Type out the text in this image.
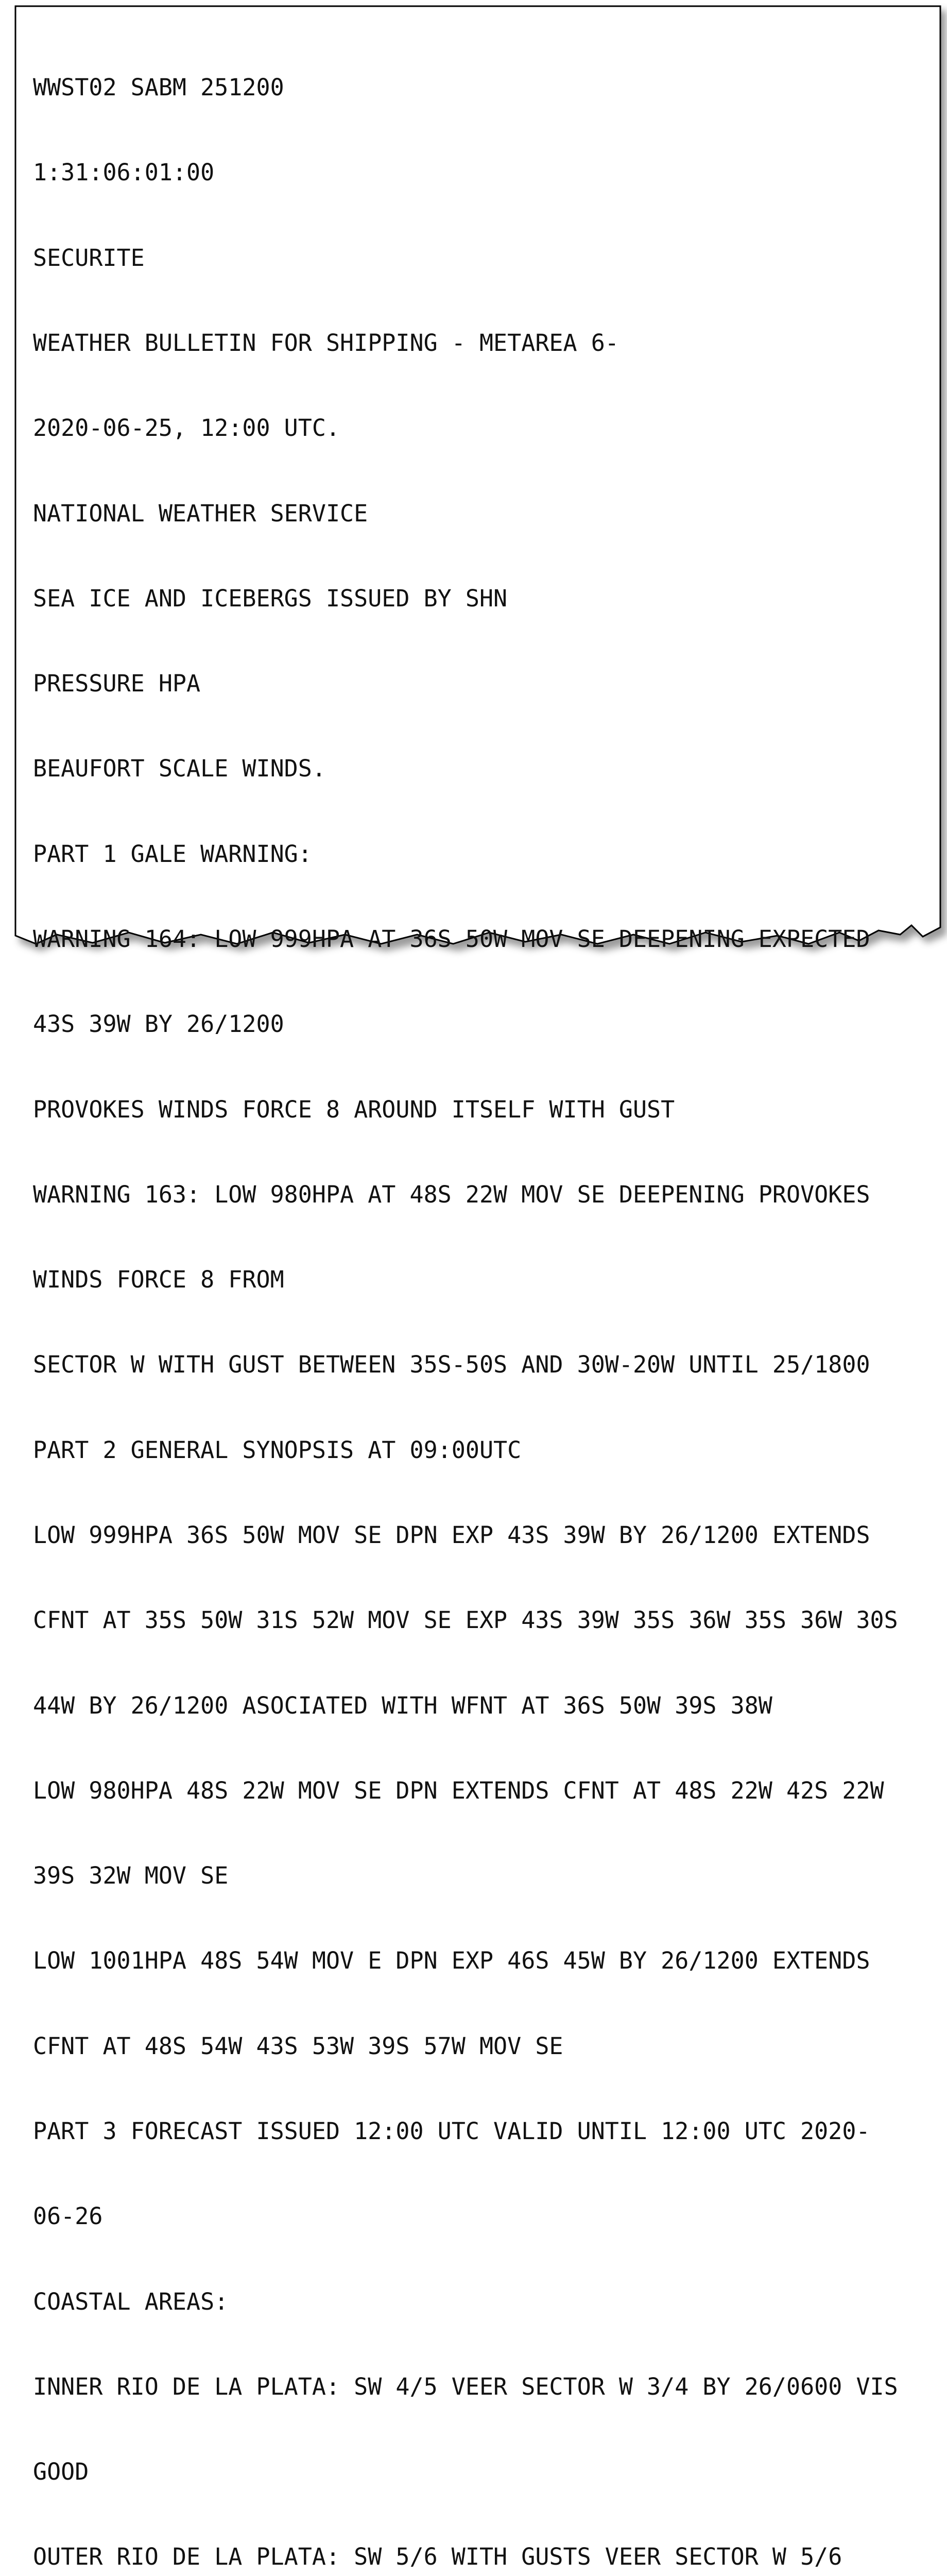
WWST02 SABM 251200

1:31:06:01:00

SECURITE

WEATHER BULLETIN FOR SHIPPING - METAREA 6-

2020-06-25, 12:00 UTC.

NATIONAL WEATHER SERVICE

SEA ICE AND ICEBERGS ISSUED BY SHN

PRESSURE HPA

BEAUFORT SCALE WINDS.

PART 1 GALE WARNING:

WARNING 164: LOW 999HPA AT 36S 50W MOV SE DEEPENING EXPECTED

43S 39W BY 26/1200

PROVOKES WINDS FORCE 8 AROUND ITSELF WITH GUST

WARNING 163: LOW 980HPA AT 48S 22W MOV SE DEEPENING PROVOKES

WINDS FORCE 8 FROM

SECTOR W WITH GUST BETWEEN 35S-50S AND 30W-20W UNTIL 25/1800

PART 2 GENERAL SYNOPSIS AT 09:00UTC

LOW 999HPA 36S 50W MOV SE DPN EXP 43S 39W BY 26/1200 EXTENDS

CFNT AT 35S 50W 31S 52W MOV SE EXP 43S 39W 35S 36W 35S 36W 30S

44W BY 26/1200 ASOCIATED WITH WFNT AT 36S 50W 39S 38W

LOW 980HPA 48S 22W MOV SE DPN EXTENDS CFNT AT 48S 22W 42S 22W

39S 32W MOV SE

LOW 1001HPA 48S 54W MOV E DPN EXP 46S 45W BY 26/1200 EXTENDS

CFNT AT 48S 54W 43S 53W 39S 57W MOV SE

PART 3 FORECAST ISSUED 12:00 UTC VALID UNTIL 12:00 UTC 2020-

06-26

COASTAL AREAS:

INNER RIO DE LA PLATA: SW 4/5 VEER SECTOR W 3/4 BY 26/0600 VIS

GOOD

OUTER RIO DE LA PLATA: SW 5/6 WITH GUSTS VEER SECTOR W 5/6
